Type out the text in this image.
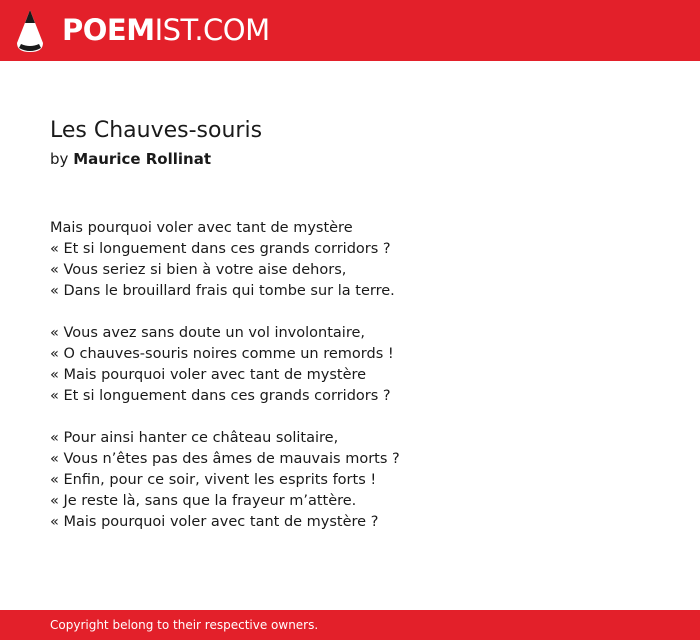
POEMIST.COM
Les Chauves-souris
by Maurice Rollinat

Mais pourquoi voler avec tant de mystère
« Et si longuement dans ces grands corridors ?
« Vous seriez si bien à votre aise dehors,
« Dans le brouillard frais qui tombe sur la terre.

« Vous avez sans doute un vol involontaire,
« O chauves-souris noires comme un remords !
« Mais pourquoi voler avec tant de mystère
« Et si longuement dans ces grands corridors ?

« Pour ainsi hanter ce château solitaire,
« Vous n’êtes pas des âmes de mauvais morts ?
« Enfin, pour ce soir, vivent les esprits forts !
« Je reste là, sans que la frayeur m’attère.
« Mais pourquoi voler avec tant de mystère ?

Copyright belong to their respective owners.
